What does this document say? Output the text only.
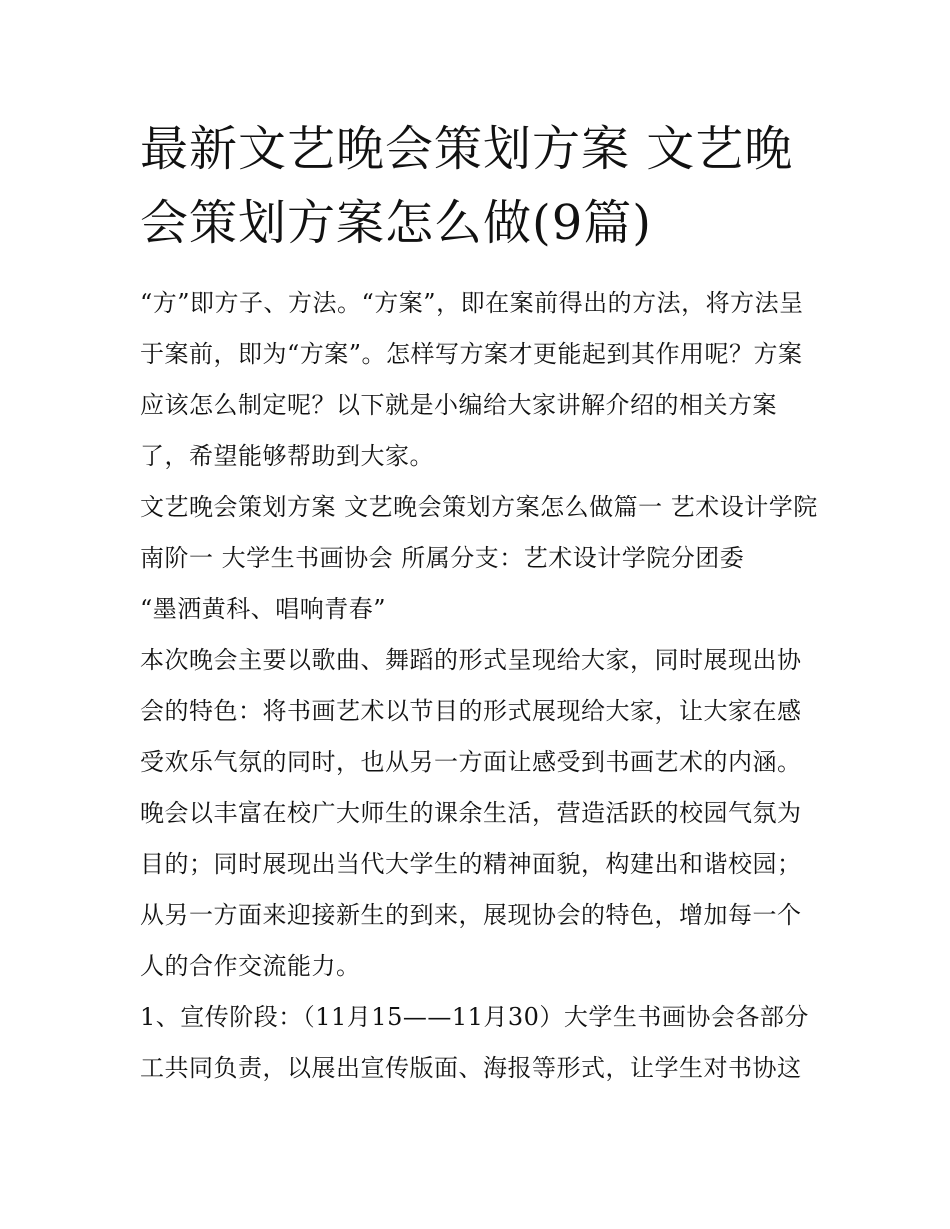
最新文艺晚会策划方案 文艺晚会策划方案怎么做(9篇)

“方”即方子、方法。“方案”，即在案前得出的方法，将方法呈于案前，即为“方案”。怎样写方案才更能起到其作用呢？方案应该怎么制定呢？以下就是小编给大家讲解介绍的相关方案了，希望能够帮助到大家。

文艺晚会策划方案 文艺晚会策划方案怎么做篇一 艺术设计学院南阶一 大学生书画协会 所属分支：艺术设计学院分团委

“墨洒黄科、唱响青春”

本次晚会主要以歌曲、舞蹈的形式呈现给大家，同时展现出协会的特色：将书画艺术以节目的形式展现给大家，让大家在感受欢乐气氛的同时，也从另一方面让感受到书画艺术的内涵。

晚会以丰富在校广大师生的课余生活，营造活跃的校园气氛为目的；同时展现出当代大学生的精神面貌，构建出和谐校园；从另一方面来迎接新生的到来，展现协会的特色，增加每一个人的合作交流能力。

1、宣传阶段：（11月15——11月30）大学生书画协会各部分工共同负责，以展出宣传版面、海报等形式，让学生对书协这
